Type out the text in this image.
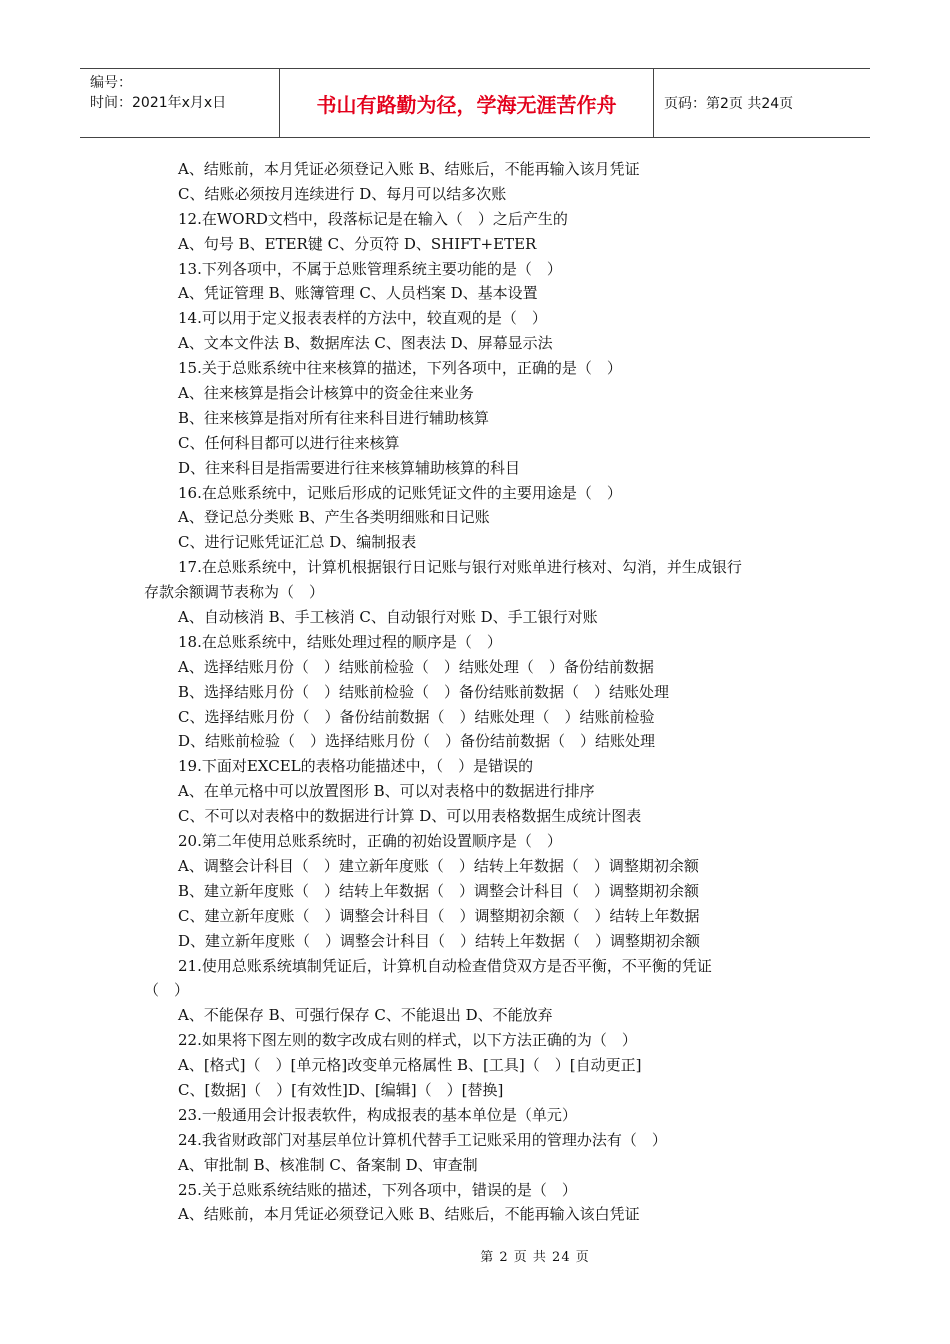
编号：
时间：2021年x月x日	书山有路勤为径，学海无涯苦作舟	页码：第2页 共24页
A、结账前，本月凭证必须登记入账 B、结账后，不能再输入该月凭证
C、结账必须按月连续进行 D、每月可以结多次账
12.在WORD文档中，段落标记是在输入（　）之后产生的
A、句号 B、ETER键 C、分页符 D、SHIFT+ETER
13.下列各项中，不属于总账管理系统主要功能的是（　）
A、凭证管理 B、账簿管理 C、人员档案 D、基本设置
14.可以用于定义报表表样的方法中，较直观的是（　）
A、文本文件法 B、数据库法 C、图表法 D、屏幕显示法
15.关于总账系统中往来核算的描述，下列各项中，正确的是（　）
A、往来核算是指会计核算中的资金往来业务
B、往来核算是指对所有往来科目进行辅助核算
C、任何科目都可以进行往来核算
D、往来科目是指需要进行往来核算辅助核算的科目
16.在总账系统中，记账后形成的记账凭证文件的主要用途是（　）
A、登记总分类账 B、产生各类明细账和日记账
C、进行记账凭证汇总 D、编制报表
17.在总账系统中，计算机根据银行日记账与银行对账单进行核对、勾消，并生成银行
存款余额调节表称为（　）
A、自动核消 B、手工核消 C、自动银行对账 D、手工银行对账
18.在总账系统中，结账处理过程的顺序是（　）
A、选择结账月份（　）结账前检验（　）结账处理（　）备份结前数据
B、选择结账月份（　）结账前检验（　）备份结账前数据（　）结账处理
C、选择结账月份（　）备份结前数据（　）结账处理（　）结账前检验
D、结账前检验（　）选择结账月份（　）备份结前数据（　）结账处理
19.下面对EXCEL的表格功能描述中，（　）是错误的
A、在单元格中可以放置图形 B、可以对表格中的数据进行排序
C、不可以对表格中的数据进行计算 D、可以用表格数据生成统计图表
20.第二年使用总账系统时，正确的初始设置顺序是（　）
A、调整会计科目（　）建立新年度账（　）结转上年数据（　）调整期初余额
B、建立新年度账（　）结转上年数据（　）调整会计科目（　）调整期初余额
C、建立新年度账（　）调整会计科目（　）调整期初余额（　）结转上年数据
D、建立新年度账（　）调整会计科目（　）结转上年数据（　）调整期初余额
21.使用总账系统填制凭证后，计算机自动检查借贷双方是否平衡，不平衡的凭证
（　）
A、不能保存 B、可强行保存 C、不能退出 D、不能放弃
22.如果将下图左则的数字改成右则的样式，以下方法正确的为（　）
A、[格式]（　）[单元格]改变单元格属性 B、[工具]（　）[自动更正]
C、[数据]（　）[有效性]D、[编辑]（　）[替换]
23.一般通用会计报表软件，构成报表的基本单位是（单元）
24.我省财政部门对基层单位计算机代替手工记账采用的管理办法有（　）
A、审批制 B、核准制 C、备案制 D、审查制
25.关于总账系统结账的描述，下列各项中，错误的是（　）
A、结账前，本月凭证必须登记入账 B、结账后，不能再输入该白凭证
第 2 页 共 24 页
